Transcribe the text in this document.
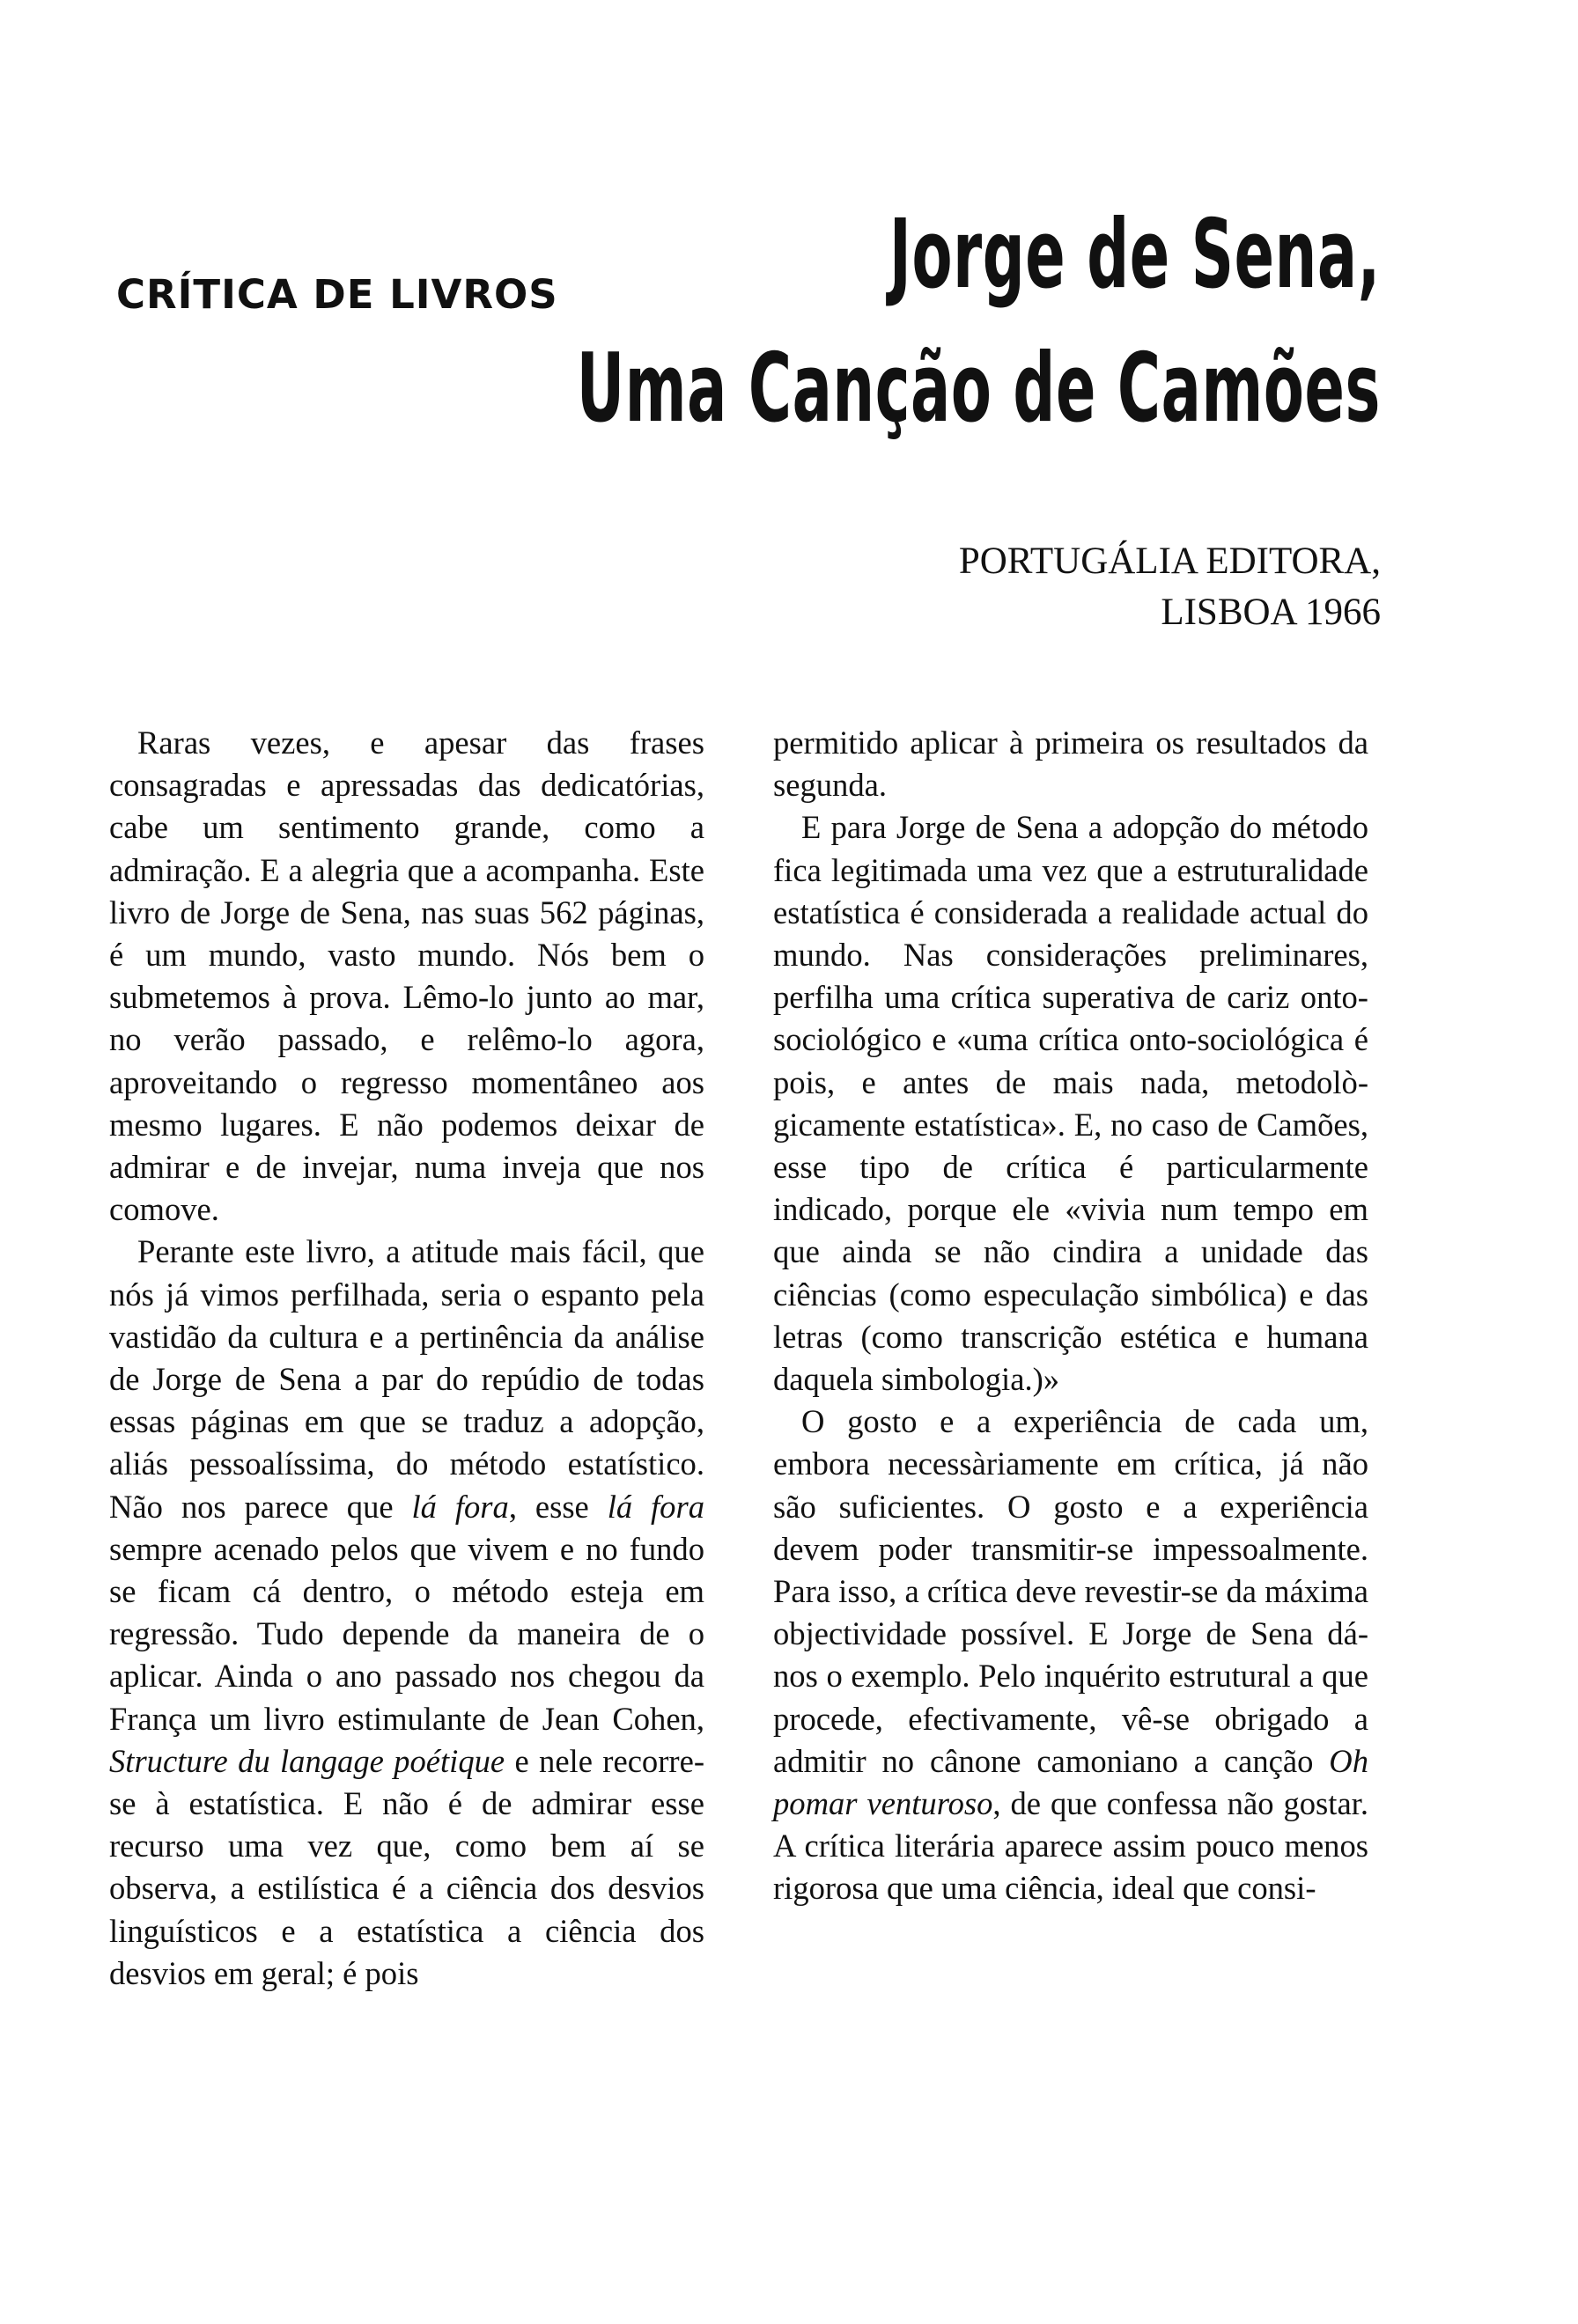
CRÍTICA DE LIVROS	Jorge de Sena,
Uma Canção de Camões
PORTUGÁLIA EDITORA,
LISBOA 1966

Raras vezes, e apesar das frases consagradas e apressadas das dedicatórias, cabe um sentimento grande, como a admiração. E a alegria que a acompanha. Este livro de Jorge de Sena, nas suas 562 páginas, é um mundo, vasto mundo. Nós bem o submetemos à prova. Lêmo-lo junto ao mar, no verão passado, e relêmo-lo agora, aproveitando o regresso momentâneo aos mesmo lugares. E não podemos deixar de admirar e de invejar, numa inveja que nos comove.

Perante este livro, a atitude mais fácil, que nós já vimos perfilhada, seria o espanto pela vastidão da cultura e a pertinência da análise de Jorge de Sena a par do repúdio de todas essas páginas em que se traduz a adopção, aliás pessoalíssima, do método estatístico. Não nos parece que lá fora, esse lá fora sempre acenado pelos que vivem e no fundo se ficam cá dentro, o método esteja em regressão. Tudo depende da maneira de o aplicar. Ainda o ano passado nos chegou da França um livro estimulante de Jean Cohen, Structure du langage poétique e nele recorre-se à estatística. E não é de admirar esse recurso uma vez que, como bem aí se observa, a estilística é a ciência dos desvios linguísticos e a estatística a ciência dos desvios em geral; é pois

permitido aplicar à primeira os resultados da segunda.

E para Jorge de Sena a adopção do método fica legitimada uma vez que a estruturalidade estatística é considerada a realidade actual do mundo. Nas considerações preliminares, perfilha uma crítica superativa de cariz onto-sociológico e «uma crítica onto-sociológica é pois, e antes de mais nada, metodològicamente estatística». E, no caso de Camões, esse tipo de crítica é particularmente indicado, porque ele «vivia num tempo em que ainda se não cindira a unidade das ciências (como especulação simbólica) e das letras (como transcrição estética e humana daquela simbologia.)»

O gosto e a experiência de cada um, embora necessàriamente em crítica, já não são suficientes. O gosto e a experiência devem poder transmitir-se impessoalmente. Para isso, a crítica deve revestir-se da máxima objectividade possível. E Jorge de Sena dá-nos o exemplo. Pelo inquérito estrutural a que procede, efectivamente, vê-se obrigado a admitir no cânone camoniano a canção Oh pomar venturoso, de que confessa não gostar. A crítica literária aparece assim pouco menos rigorosa que uma ciência, ideal que consi-
